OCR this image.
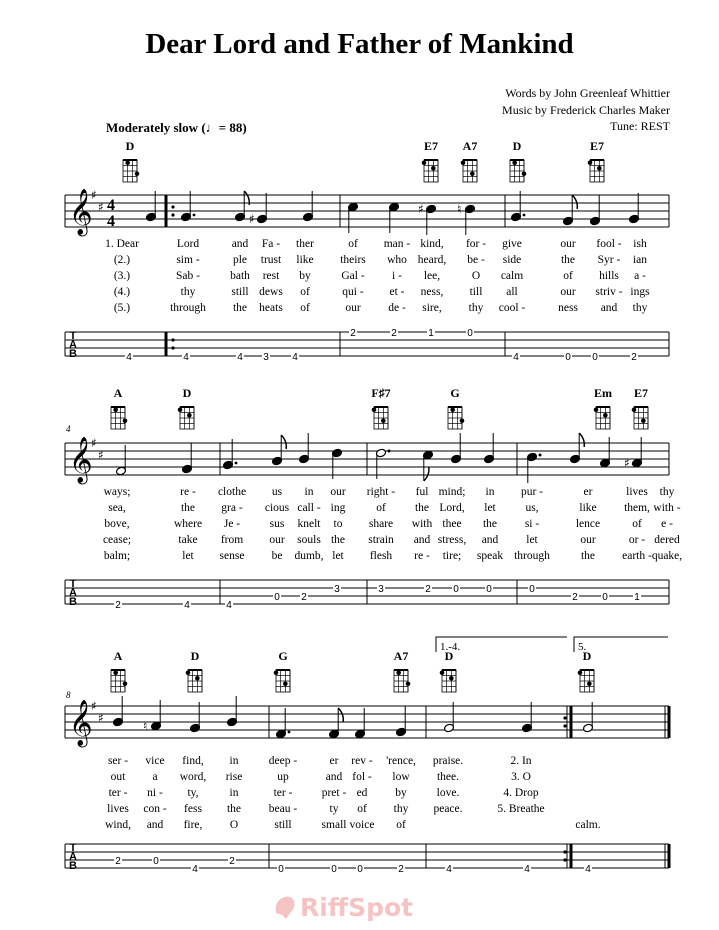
Dear Lord and Father of Mankind
Words by John Greenleaf Whittier
Music by Frederick Charles Maker
Tune: REST
Moderately slow (♩= 88)
𝄞
♯
♯ 4
4
T
A
B
♯
♯	♮
4	4	4 3 4
2	2	1	0
4	0 0	2
D	E7 A7	D	E7
𝄞
♯
♯
T
A
B
♯
2	4	4
0 2
3	3	2 0	0	0
2 0	1
A	D	F♯7	G	Em E7
4
𝄞
♯
♯
T
A
B
♮
2	0
4
2
0	0 0	2	4	4	4
A	D	G	A7	D	D
8
1.-4.	5.
1. Dear	Lord	and Fa - ther	of man - kind, for - give	our fool - ish
(2.)	sim -	ple trust like theirs who heard, be - side	the Syr - ian
(3.)	Sab -	bath rest by	Gal - i - lee,	O calm	of hills a -
(4.)	thy	still dews of	qui - et - ness, till all	our striv - ings
(5.)	through the heats of	our de - sire, thy cool -	ness and thy
ways;	re - clothe us in our right - ful mind; in pur -	er	lives thy
sea,	the gra - cious call - ing	of	the Lord, let	us,	like them, with -
bove,	where Je -	sus knelt to share with thee the si -	lence	of e -
cease;	take from our souls the strain and stress, and let	our	or - dered
balm;	let sense be dumb, let flesh re - tire; speak through	the earth - quake,
ser - vice find, in	deep -	er rev - 'rence, praise.	2. In
out a word, rise	up	and fol - low thee.	3. O
ter - ni - ty,	in	ter -	pret - ed by	love.	4. Drop
lives con - fess the beau -	ty of thy peace.	5. Breathe
wind, and fire, O	still	small voice of	calm.
RiffSpot
